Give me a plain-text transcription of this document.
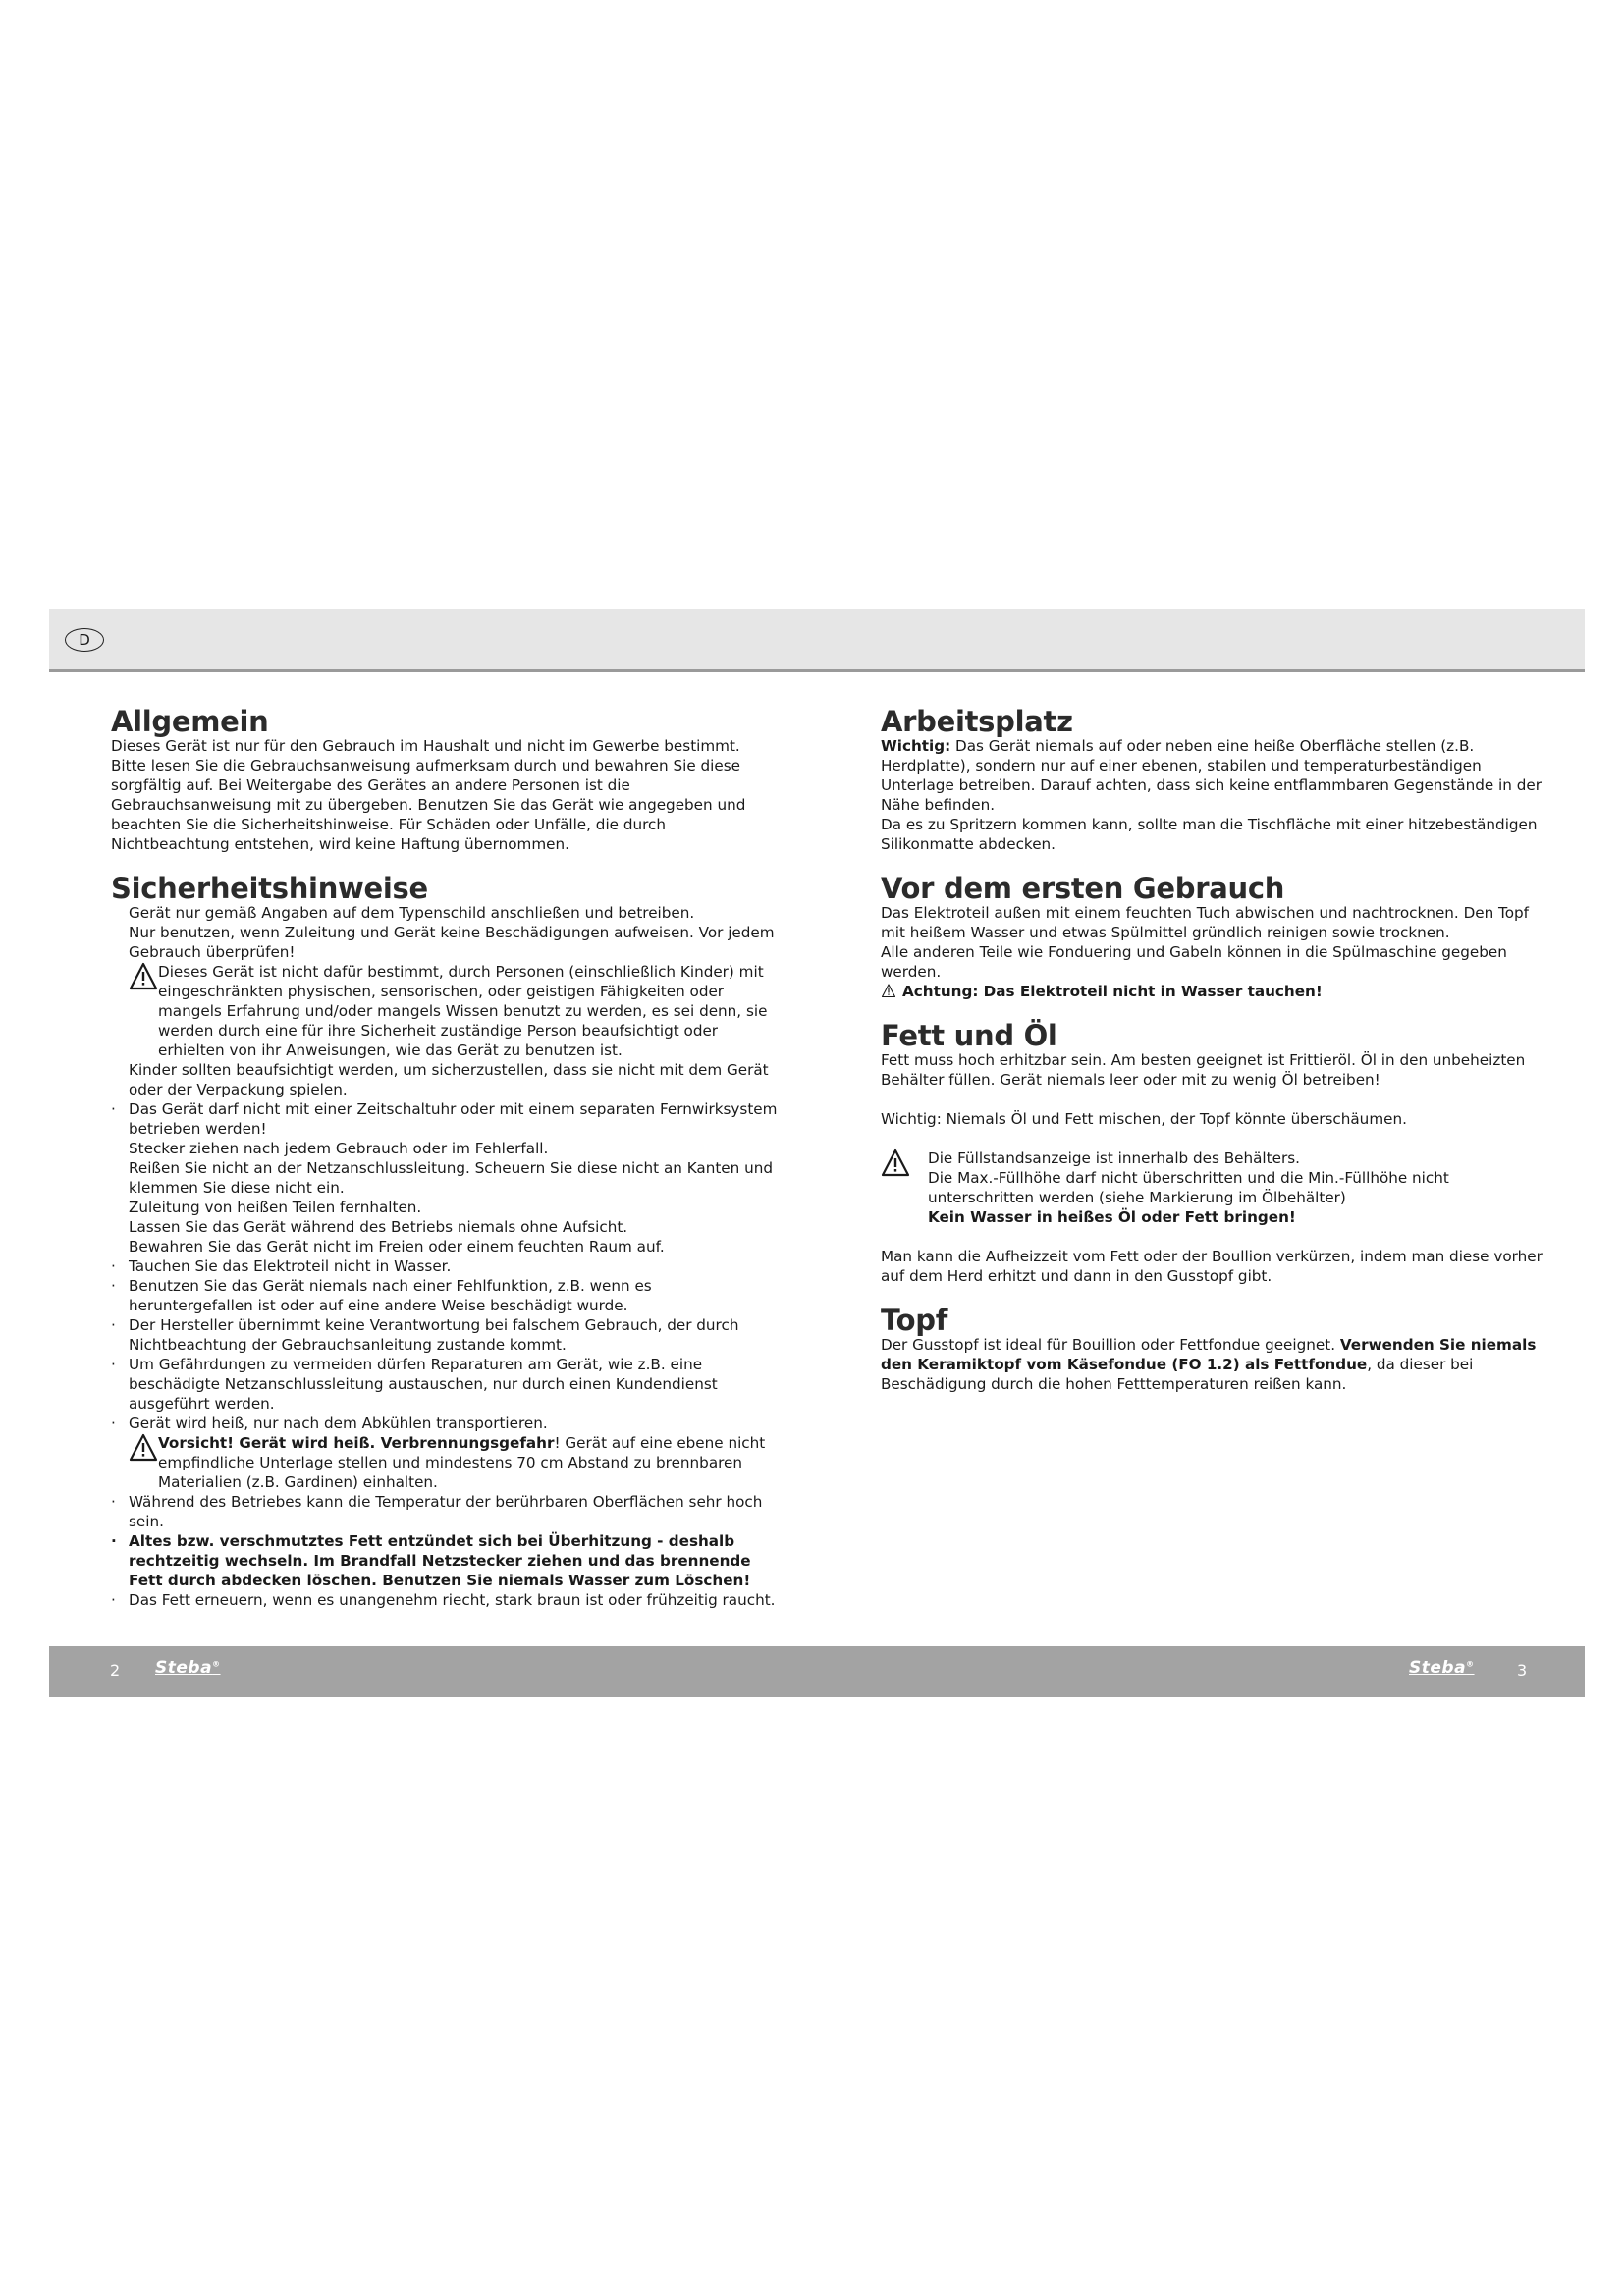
D
Allgemein

Dieses Gerät ist nur für den Gebrauch im Haushalt und nicht im Gewerbe bestimmt. Bitte lesen Sie die Gebrauchsanweisung aufmerksam durch und bewahren Sie diese sorgfältig auf. Bei Weitergabe des Gerätes an andere Personen ist die Gebrauchsanweisung mit zu übergeben. Benutzen Sie das Gerät wie angegeben und beachten Sie die Sicherheitshinweise. Für Schäden oder Unfälle, die durch Nichtbeachtung entstehen, wird keine Haftung übernommen.

Sicherheitshinweise

Gerät nur gemäß Angaben auf dem Typenschild anschließen und betreiben.

Nur benutzen, wenn Zuleitung und Gerät keine Beschädigungen aufweisen. Vor jedem Gebrauch überprüfen!

Dieses Gerät ist nicht dafür bestimmt, durch Personen (einschließlich Kinder) mit eingeschränkten physischen, sensorischen, oder geistigen Fähigkeiten oder mangels Erfahrung und/oder mangels Wissen benutzt zu werden, es sei denn, sie werden durch eine für ihre Sicherheit zuständige Person beaufsichtigt oder erhielten von ihr Anweisungen, wie das Gerät zu benutzen ist.

Kinder sollten beaufsichtigt werden, um sicherzustellen, dass sie nicht mit dem Gerät oder der Verpackung spielen.

· Das Gerät darf nicht mit einer Zeitschaltuhr oder mit einem separaten Fernwirksystem betrieben werden!

Stecker ziehen nach jedem Gebrauch oder im Fehlerfall.

Reißen Sie nicht an der Netzanschlussleitung. Scheuern Sie diese nicht an Kanten und klemmen Sie diese nicht ein.

Zuleitung von heißen Teilen fernhalten.

Lassen Sie das Gerät während des Betriebs niemals ohne Aufsicht.

Bewahren Sie das Gerät nicht im Freien oder einem feuchten Raum auf.

· Tauchen Sie das Elektroteil nicht in Wasser.

· Benutzen Sie das Gerät niemals nach einer Fehlfunktion, z.B. wenn es heruntergefallen ist oder auf eine andere Weise beschädigt wurde.

· Der Hersteller übernimmt keine Verantwortung bei falschem Gebrauch, der durch Nichtbeachtung der Gebrauchsanleitung zustande kommt.

· Um Gefährdungen zu vermeiden dürfen Reparaturen am Gerät, wie z.B. eine beschädigte Netzanschlussleitung austauschen, nur durch einen Kundendienst ausgeführt werden.

· Gerät wird heiß, nur nach dem Abkühlen transportieren.

Vorsicht! Gerät wird heiß. Verbrennungsgefahr! Gerät auf eine ebene nicht empfindliche Unterlage stellen und mindestens 70 cm Abstand zu brennbaren Materialien (z.B. Gardinen) einhalten.

· Während des Betriebes kann die Temperatur der berührbaren Oberflächen sehr hoch sein.

· Altes bzw. verschmutztes Fett entzündet sich bei Überhitzung - deshalb rechtzeitig wechseln. Im Brandfall Netzstecker ziehen und das brennende Fett durch abdecken löschen. Benutzen Sie niemals Wasser zum Löschen!

· Das Fett erneuern, wenn es unangenehm riecht, stark braun ist oder frühzeitig raucht.

Arbeitsplatz

Wichtig: Das Gerät niemals auf oder neben eine heiße Oberfläche stellen (z.B. Herdplatte), sondern nur auf einer ebenen, stabilen und temperaturbeständigen Unterlage betreiben. Darauf achten, dass sich keine entflammbaren Gegenstände in der Nähe befinden.

Da es zu Spritzern kommen kann, sollte man die Tischfläche mit einer hitzebeständigen Silikonmatte abdecken.

Vor dem ersten Gebrauch

Das Elektroteil außen mit einem feuchten Tuch abwischen und nachtrocknen. Den Topf mit heißem Wasser und etwas Spülmittel gründlich reinigen sowie trocknen.

Alle anderen Teile wie Fonduering und Gabeln können in die Spülmaschine gegeben werden.

Achtung: Das Elektroteil nicht in Wasser tauchen!

Fett und Öl

Fett muss hoch erhitzbar sein. Am besten geeignet ist Frittieröl. Öl in den unbeheizten Behälter füllen. Gerät niemals leer oder mit zu wenig Öl betreiben!

Wichtig: Niemals Öl und Fett mischen, der Topf könnte überschäumen.

Die Füllstandsanzeige ist innerhalb des Behälters.

Die Max.-Füllhöhe darf nicht überschritten und die Min.-Füllhöhe nicht unterschritten werden (siehe Markierung im Ölbehälter)

Kein Wasser in heißes Öl oder Fett bringen!

Man kann die Aufheizzeit vom Fett oder der Boullion verkürzen, indem man diese vorher auf dem Herd erhitzt und dann in den Gusstopf gibt.

Topf

Der Gusstopf ist ideal für Bouillion oder Fettfondue geeignet. Verwenden Sie niemals den Keramiktopf vom Käsefondue (FO 1.2) als Fettfondue, da dieser bei Beschädigung durch die hohen Fetttemperaturen reißen kann.

2 Steba®	Steba®	3
